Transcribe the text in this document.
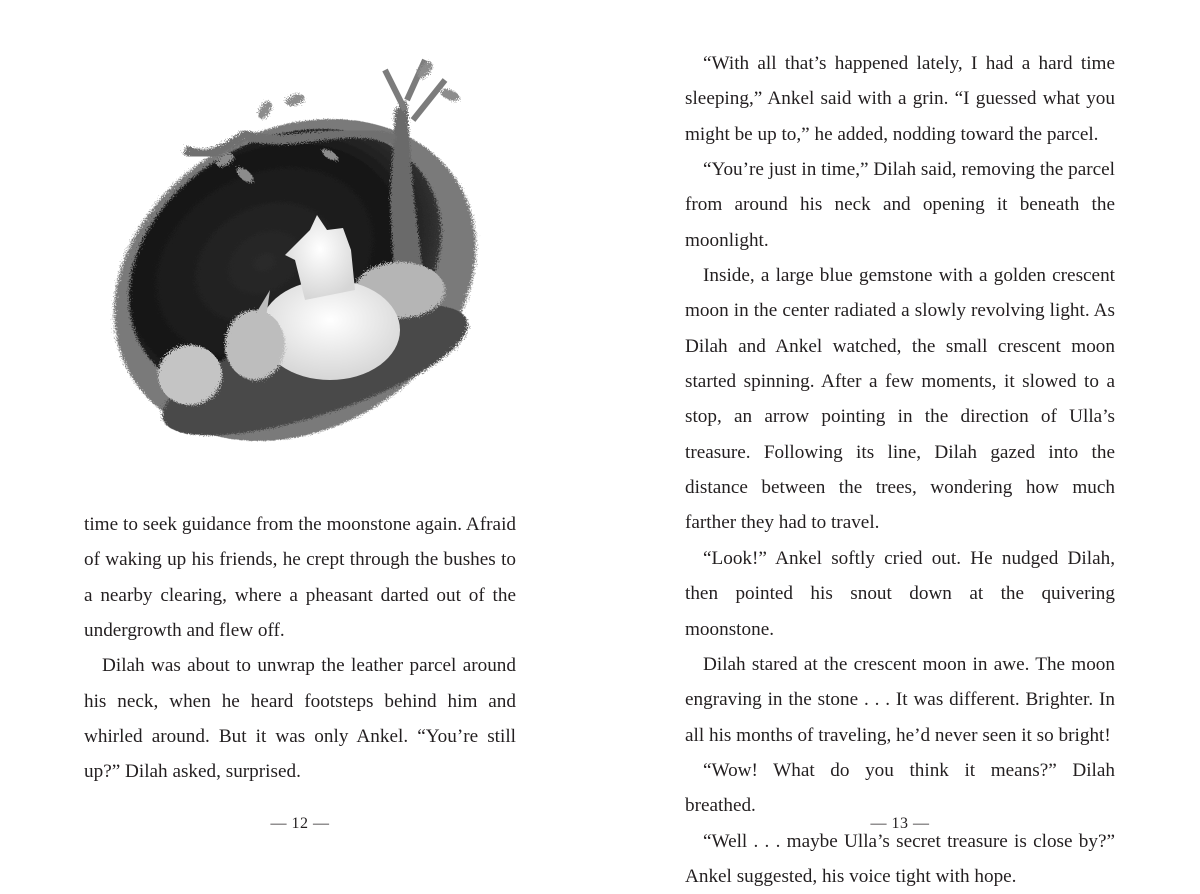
time to seek guidance from the moonstone again. Afraid of waking up his friends, he crept through the bushes to a nearby clearing, where a pheasant darted out of the undergrowth and flew off.

Dilah was about to unwrap the leather parcel around his neck, when he heard footsteps behind him and whirled around. But it was only Ankel. “You’re still up?” Dilah asked, surprised.

— 12 —

“With all that’s happened lately, I had a hard time sleeping,” Ankel said with a grin. “I guessed what you might be up to,” he added, nodding toward the parcel.

“You’re just in time,” Dilah said, removing the parcel from around his neck and opening it beneath the moonlight.

Inside, a large blue gemstone with a golden crescent moon in the center radiated a slowly revolving light. As Dilah and Ankel watched, the small crescent moon started spinning. After a few moments, it slowed to a stop, an arrow pointing in the direction of Ulla’s treasure. Following its line, Dilah gazed into the distance between the trees, wondering how much farther they had to travel.

“Look!” Ankel softly cried out. He nudged Dilah, then pointed his snout down at the quivering moonstone.

Dilah stared at the crescent moon in awe. The moon engraving in the stone . . . It was different. Brighter. In all his months of traveling, he’d never seen it so bright!

“Wow! What do you think it means?” Dilah breathed.

“Well . . . maybe Ulla’s secret treasure is close by?” Ankel suggested, his voice tight with hope.

— 13 —
